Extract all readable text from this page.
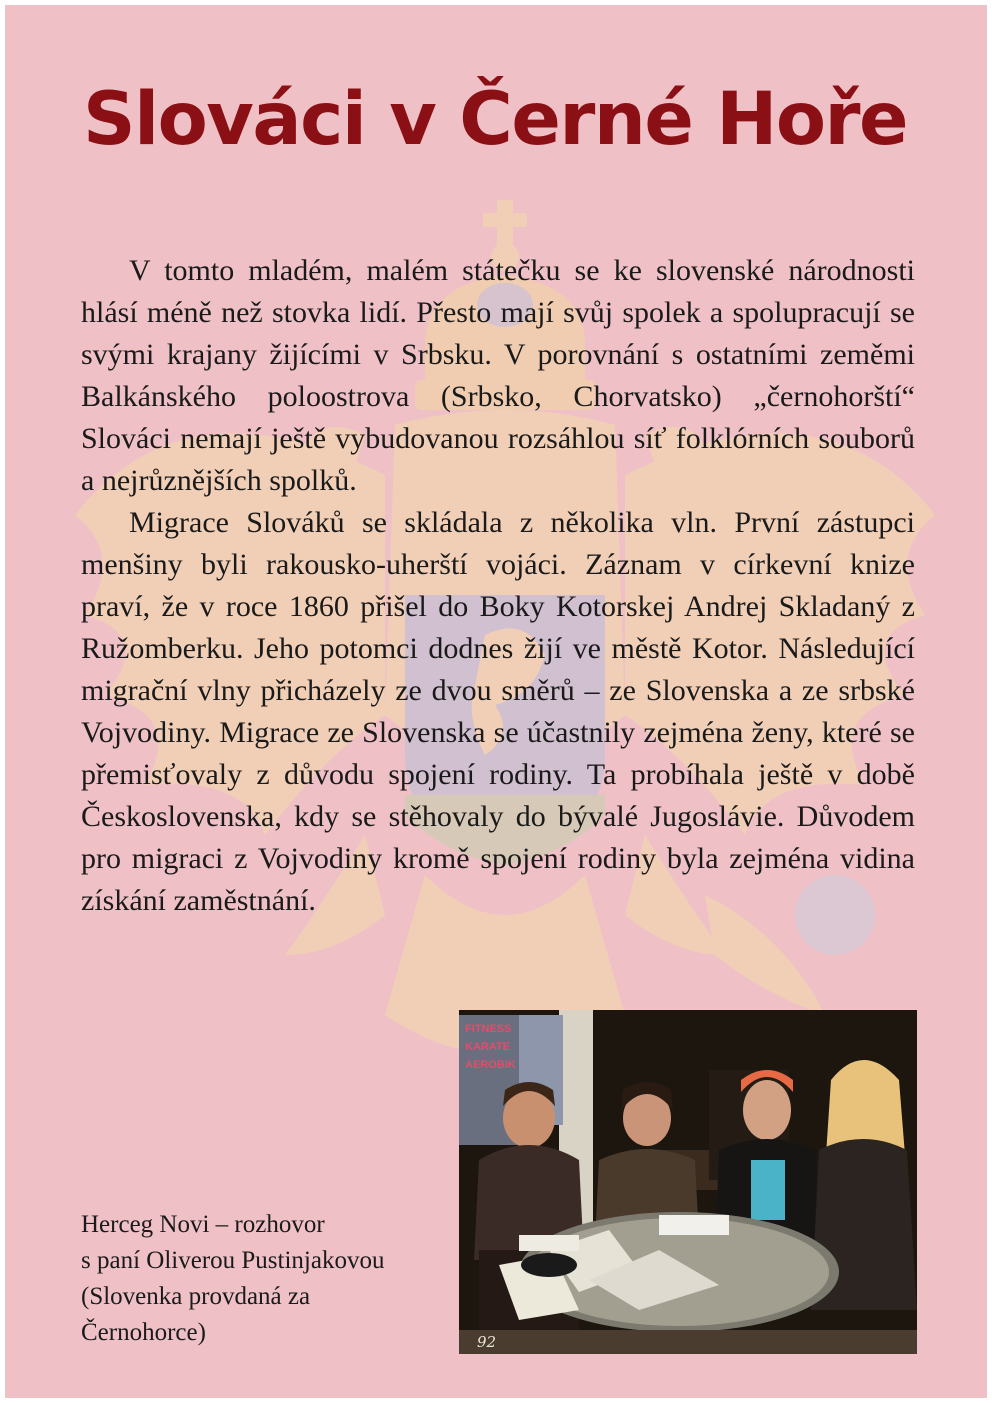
Slováci v Černé Hoře

V tomto mladém, malém státečku se ke slovenské národnosti hlásí méně než stovka lidí. Přesto mají svůj spolek a spolupracují se svými krajany žijícími v Srbsku. V porovnání s ostatními zeměmi Balkánského poloostrova (Srbsko, Chorvatsko) „černohorští“ Slováci nemají ještě vybudovanou rozsáhlou síť folklórních souborů a nejrůznějších spolků.

Migrace Slováků se skládala z několika vln. První zástupci menšiny byli rakousko-uherští vojáci. Záznam v církevní knize praví, že v roce 1860 přišel do Boky Kotorskej Andrej Skladaný z Ružomberku. Jeho potomci dodnes žijí ve městě Kotor. Následující migrační vlny přicházely ze dvou směrů – ze Slovenska a ze srbské Vojvodiny. Migrace ze Slovenska se účastnily zejména ženy, které se přemisťovaly z důvodu spojení rodiny. Ta probíhala ještě v době Československa, kdy se stěhovaly do bývalé Jugoslávie. Důvodem pro migraci z Vojvodiny kromě spojení rodiny byla zejména vidina získání zaměstnání.

Herceg Novi – rozhovor
s paní Oliverou Pustinjakovou
(Slovenka provdaná za
Černohorce)
FITNESS
KARATE
AEROBIK
92
